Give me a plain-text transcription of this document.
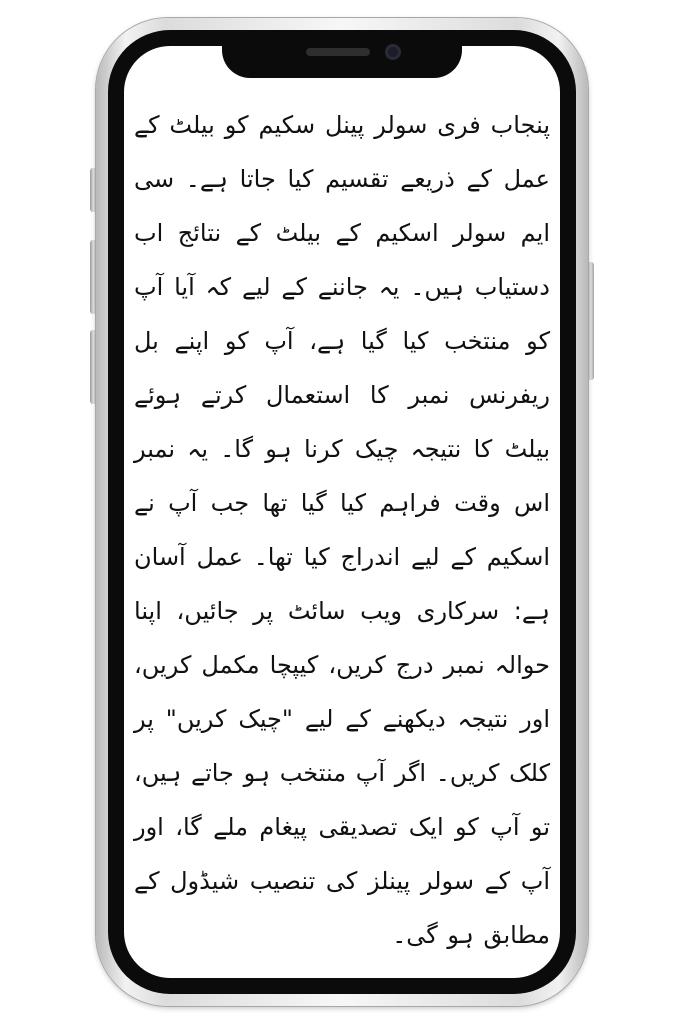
پنجاب فری سولر پینل سکیم کو بیلٹ کے عمل کے ذریعے تقسیم کیا جاتا ہے۔ سی ایم سولر اسکیم کے بیلٹ کے نتائج اب دستیاب ہیں۔ یہ جاننے کے لیے کہ آیا آپ کو منتخب کیا گیا ہے، آپ کو اپنے بل ریفرنس نمبر کا استعمال کرتے ہوئے بیلٹ کا نتیجہ چیک کرنا ہو گا۔ یہ نمبر اس وقت فراہم کیا گیا تھا جب آپ نے اسکیم کے لیے اندراج کیا تھا۔ عمل آسان ہے: سرکاری ویب سائٹ پر جائیں، اپنا حوالہ نمبر درج کریں، کیپچا مکمل کریں، اور نتیجہ دیکھنے کے لیے "چیک کریں" پر کلک کریں۔ اگر آپ منتخب ہو جاتے ہیں، تو آپ کو ایک تصدیقی پیغام ملے گا، اور آپ کے سولر پینلز کی تنصیب شیڈول کے مطابق ہو گی۔
